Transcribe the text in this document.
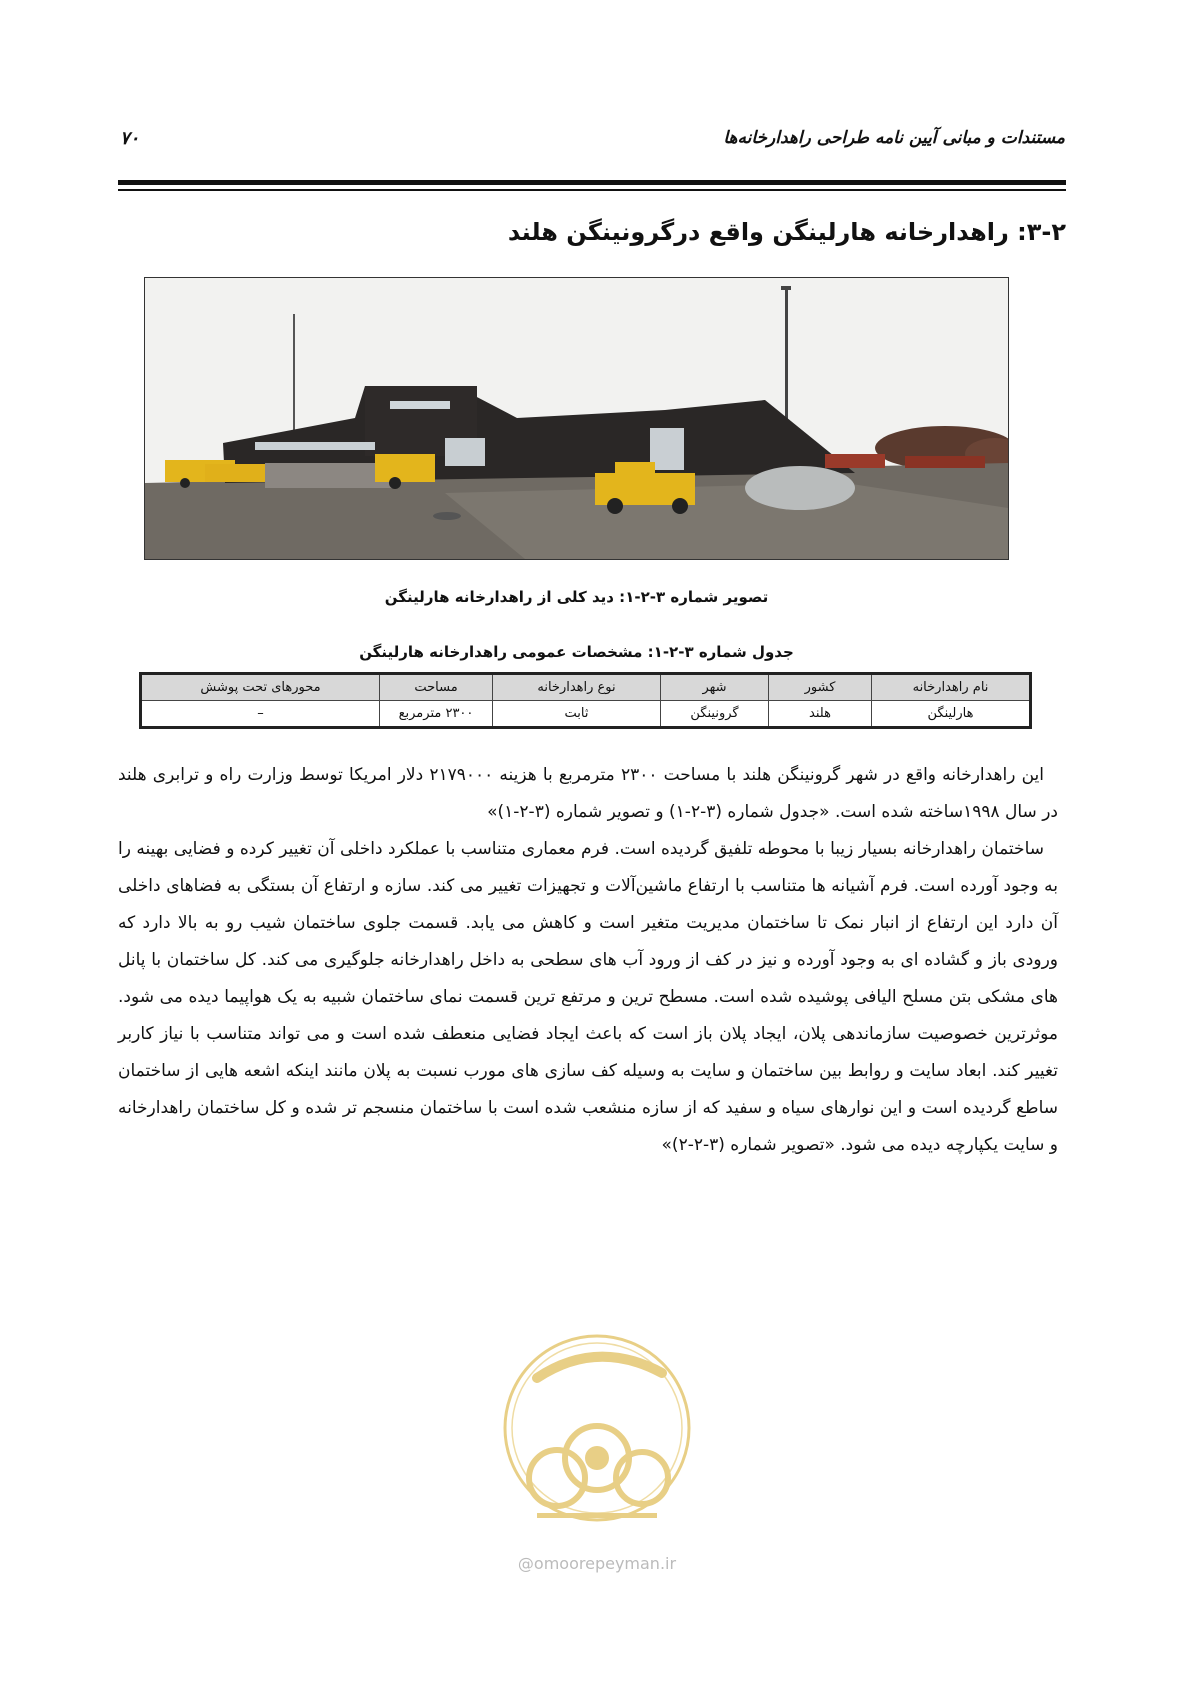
مستندات و مبانی آیین نامه طراحی راهدارخانه‌ها
۷۰
۳-۲: راهدارخانه هارلینگن واقع درگرونینگن هلند
تصویر شماره ۳-۲-۱: دید کلی از راهدارخانه هارلینگن
جدول شماره ۳-۲-۱: مشخصات عمومی راهدارخانه هارلینگن
نام راهدارخانه	کشور	شهر	نوع راهدارخانه	مساحت	محورهای تحت پوشش
هارلینگن	هلند	گرونینگن	ثابت	۲۳۰۰ مترمربع	–

این راهدارخانه واقع در شهر گرونینگن هلند با مساحت ۲۳۰۰ مترمربع با هزینه ۲۱۷۹۰۰۰ دلار امریکا توسط وزارت راه و ترابری هلند در سال ۱۹۹۸ساخته شده است. «جدول شماره (۳-۲-۱) و تصویر شماره (۳-۲-۱)»

ساختمان راهدارخانه بسیار زیبا با محوطه تلفیق گردیده است. فرم معماری متناسب با عملکرد داخلی آن تغییر کرده و فضایی بهینه را به وجود آورده است. فرم آشیانه ها متناسب با ارتفاع ماشین‌آلات و تجهیزات تغییر می کند. سازه و ارتفاع آن بستگی به فضاهای داخلی آن دارد این ارتفاع از انبار نمک تا ساختمان مدیریت متغیر است و کاهش می یابد. قسمت جلوی ساختمان شیب رو به بالا دارد که ورودی باز و گشاده ای به وجود آورده و نیز در کف از ورود آب های سطحی به داخل راهدارخانه جلوگیری می کند. کل ساختمان با پانل های مشکی بتن مسلح الیافی پوشیده شده است. مسطح ترین و مرتفع ترین قسمت نمای ساختمان شبیه به یک هواپیما دیده می شود. موثرترین خصوصیت سازماندهی پلان، ایجاد پلان باز است که باعث ایجاد فضایی منعطف شده است و می تواند متناسب با نیاز کاربر تغییر کند. ابعاد سایت و روابط بین ساختمان و سایت به وسیله کف سازی های مورب نسبت به پلان مانند اینکه اشعه هایی از ساختمان ساطع گردیده است و این نوارهای سیاه و سفید که از سازه منشعب شده است با ساختمان منسجم تر شده و کل ساختمان راهدارخانه و سایت یکپارچه دیده می شود. «تصویر شماره (۳-۲-۲)»

@omoorepeyman.ir
